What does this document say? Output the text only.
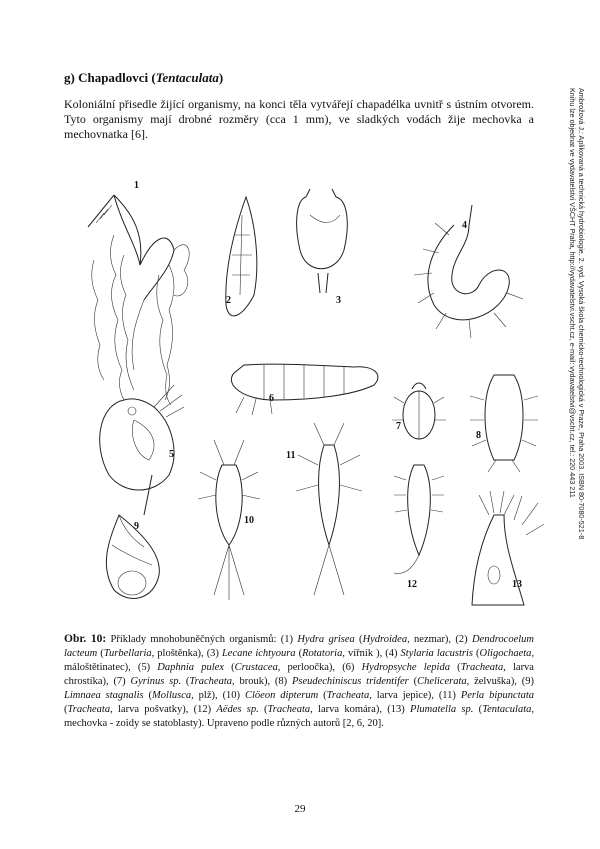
g) Chapadlovci (Tentaculata)
Koloniální přisedle žijící organismy, na konci těla vytvářejí chapadélka uvnitř s ústním otvorem. Tyto organismy mají drobné rozměry (cca 1 mm), ve sladkých vodách žije mechovka a mechovnatka [6].	Ambrožová J.: Aplikovaná a technická hydrobiologie. 2. vyd. Vysoká škola chemicko-technologická v Praze, Praha 2003. ISBN 80-7080-521-8
Knihu lze objednat ve vydavatelství VŠCHT Praha, http://vydavatelstvi.vscht.cz, e-mail: vydavatelstvi@vscht.cz, tel.: 220 443 211
1
2	3
4
5
6
7
8
9
10
11
12	13
Obr. 10: Příklady mnohobuněčných organismů: (1) Hydra grisea (Hydroidea, nezmar), (2) Dendrocoelum lacteum (Turbellaria, ploštěnka), (3) Lecane ichtyoura (Rotatoria, vířník ), (4) Stylaria lacustris (Oligochaeta, máloštětinatec), (5) Daphnia pulex (Crustacea, perloočka), (6) Hydropsyche lepida (Tracheata, larva chrostíka), (7) Gyrinus sp. (Tracheata, brouk), (8) Pseudechiniscus tridentifer (Chelicerata, želvuška), (9) Limnaea stagnalis (Mollusca, plž), (10) Clöeon dipterum (Tracheata, larva jepice), (11) Perla bipunctata (Tracheata, larva pošvatky), (12) Aëdes sp. (Tracheata, larva komára), (13) Plumatella sp. (Tentaculata, mechovka - zoidy se statoblasty). Upraveno podle různých autorů [2, 6, 20].
29
